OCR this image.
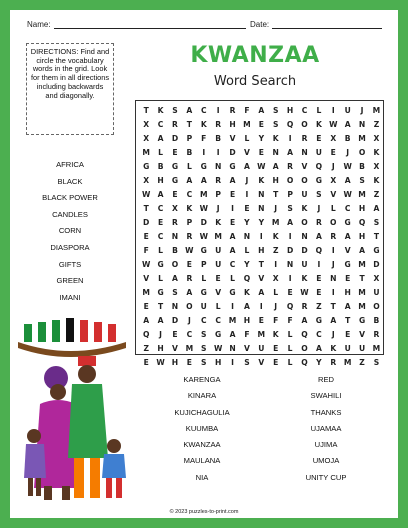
Name:	Date:
DIRECTIONS: Find and circle the vocabulary words in the grid. Look for them in all directions including backwards and diagonally.
KWANZAA
Word Search
T	K	S	A	C	I	R	F	A	S	H	C	L	I	U	J	M
X	C	R	T	K	R	H M	E	S	Q	O	K W A	N	Z
X	A	D	P	F	B	V	L	Y	K	I	R	E	X	B	M	X
M	L	E	B	I	I	D	V	E	N	A	N	U	E	J	O	K
G	B	G	L	G	N	G	A W A	R	V	Q	J	W B	X
X	H	G	A	A	R	A	J	K	H	O	O	G	X	A	S	K
W A	E	C	M	P	E	I	N	T	P	U	S	V W M	Z
T	C	X	K W	J	I	E	N	J	S	K	J	L	C	H	A
D	E	R	P	D	K	E	Y	Y	M	A	O	R	O	G	Q	S
E	C	N	R W M	A	N	I	K	I	N	A	R	A	H	T
F	L	B W G	U	A	L	H	Z	D	D	Q	I	V	A	G
W G	O	E	P	U	C	Y	T	I	N	U	I	J	G M D
V	L	A	R	L	E	L	Q	V	X	I	K	E	N	E	T	X
M G	S	A	G	V	G	K	A	L	E	W E	I	H M U
E	T	N	O	U	L	I	A	I	J	Q	R	Z	T	A	M O
A	A	D	J	C	C	M H	E	F	F	A	G	A	T	G	B
Q	J	E	C	S	G	A	F	M	K	L	Q	C	J	E	V	R
Z	H	V	M	S W N	V	U	E	L	O	A	K	U	U M
E	W H	E	S	H	I	S	V	E	L	Q	Y	R	M	Z	S
AFRICA
BLACK
BLACK POWER
CANDLES
CORN
DIASPORA
GIFTS
GREEN
IMANI
KARENGA
KINARA
KUJICHAGULIA
KUUMBA
KWANZAA
MAULANA
NIA
RED
SWAHILI
THANKS
UJAMAA
UJIMA
UMOJA
UNITY CUP
© 2023 puzzles-to-print.com
